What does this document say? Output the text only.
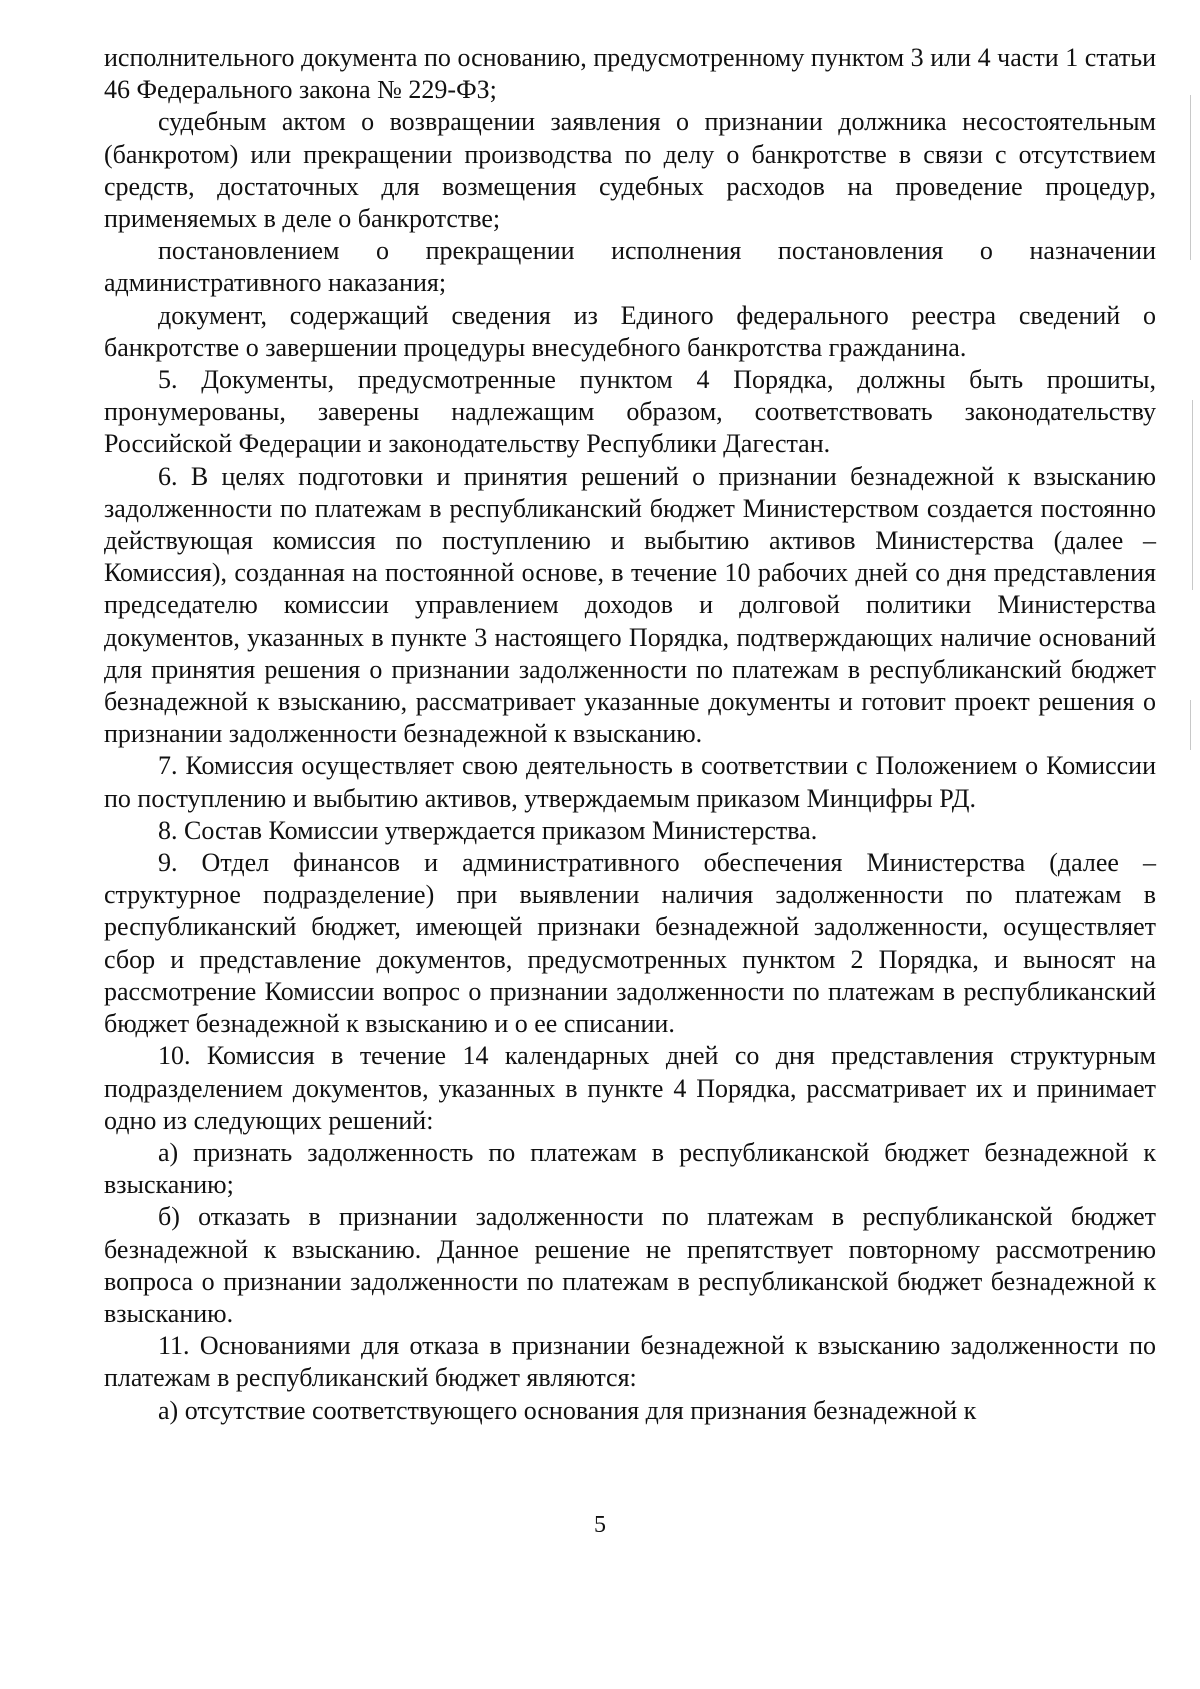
исполнительного документа по основанию, предусмотренному пунктом 3 или 4 части 1 статьи 46 Федерального закона № 229-ФЗ;

судебным актом о возвращении заявления о признании должника несостоятельным (банкротом) или прекращении производства по делу о банкротстве в связи с отсутствием средств, достаточных для возмещения судебных расходов на проведение процедур, применяемых в деле о банкротстве;

постановлением о прекращении исполнения постановления о назначении административного наказания;

документ, содержащий сведения из Единого федерального реестра сведений о банкротстве о завершении процедуры внесудебного банкротства гражданина.

5. Документы, предусмотренные пунктом 4 Порядка, должны быть прошиты, пронумерованы, заверены надлежащим образом, соответствовать законодательству Российской Федерации и законодательству Республики Дагестан.

6. В целях подготовки и принятия решений о признании безнадежной к взысканию задолженности по платежам в республиканский бюджет Министерством создается постоянно действующая комиссия по поступлению и выбытию активов Министерства (далее – Комиссия), созданная на постоянной основе, в течение 10 рабочих дней со дня представления председателю комиссии управлением доходов и долговой политики Министерства документов, указанных в пункте 3 настоящего Порядка, подтверждающих наличие оснований для принятия решения о признании задолженности по платежам в республиканский бюджет безнадежной к взысканию, рассматривает указанные документы и готовит проект решения о признании задолженности безнадежной к взысканию.

7. Комиссия осуществляет свою деятельность в соответствии с Положением о Комиссии по поступлению и выбытию активов, утверждаемым приказом Минцифры РД.

8. Состав Комиссии утверждается приказом Министерства.

9. Отдел финансов и административного обеспечения Министерства (далее – структурное подразделение) при выявлении наличия задолженности по платежам в республиканский бюджет, имеющей признаки безнадежной задолженности, осуществляет сбор и представление документов, предусмотренных пунктом 2 Порядка, и выносят на рассмотрение Комиссии вопрос о признании задолженности по платежам в республиканский бюджет безнадежной к взысканию и о ее списании.

10. Комиссия в течение 14 календарных дней со дня представления структурным подразделением документов, указанных в пункте 4 Порядка, рассматривает их и принимает одно из следующих решений:

а) признать задолженность по платежам в республиканской бюджет безнадежной к взысканию;

б) отказать в признании задолженности по платежам в республиканской бюджет безнадежной к взысканию. Данное решение не препятствует повторному рассмотрению вопроса о признании задолженности по платежам в республиканской бюджет безнадежной к взысканию.

11. Основаниями для отказа в признании безнадежной к взысканию задолженности по платежам в республиканский бюджет являются:

а) отсутствие соответствующего основания для признания безнадежной к

5
